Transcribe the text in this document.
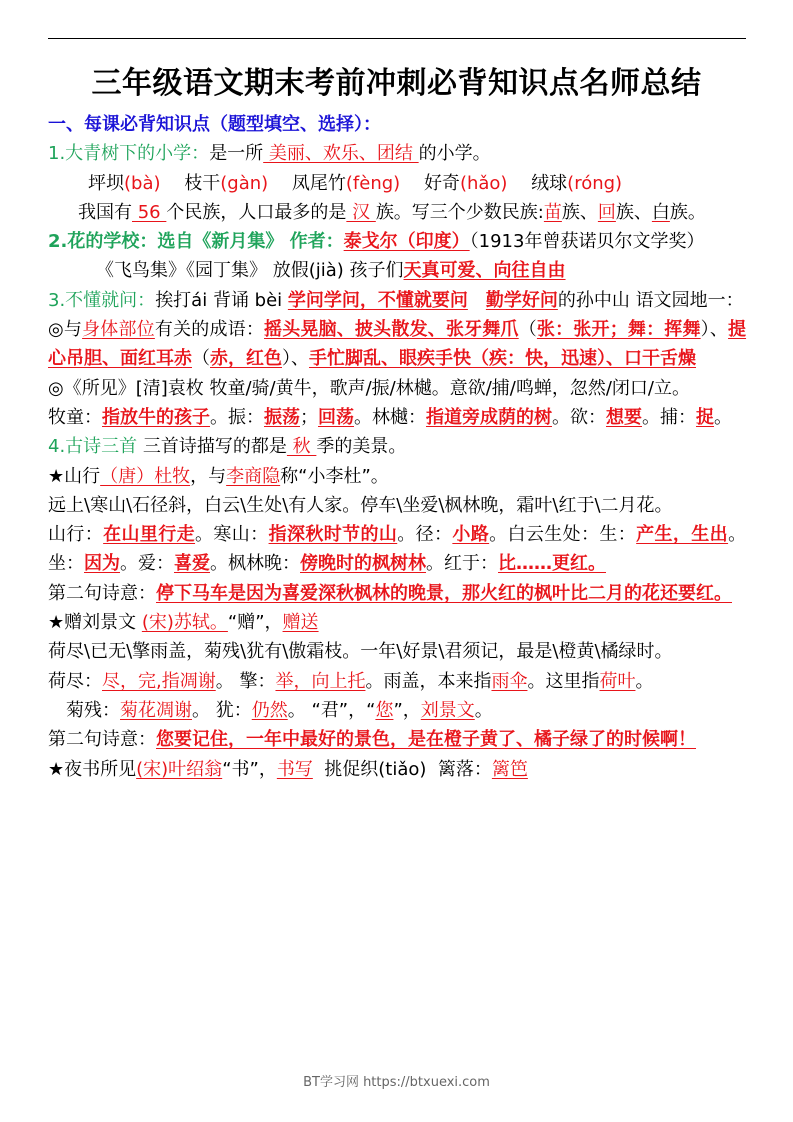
三年级语文期末考前冲刺必背知识点名师总结
一、每课必背知识点（题型填空、选择）：
1.大青树下的小学：是一所 美丽、欢乐、团结 的小学。
坪坝(bà) 枝干(gàn) 凤尾竹(fèng) 好奇(hǎo) 绒球(róng)
我国有 56 个民族，人口最多的是 汉 族。写三个少数民族:苗族、回族、白族。
2.花的学校：选自《新月集》 作者：泰戈尔（印度）（1913年曾获诺贝尔文学奖）
《飞鸟集》《园丁集》 放假(jià) 孩子们天真可爱、向往自由
3.不懂就问：挨打ái 背诵 bèi 学问学问，不懂就要问 勤学好问的孙中山 语文园地一：
◎与身体部位有关的成语：摇头晃脑、披头散发、张牙舞爪（张：张开；舞：挥舞）、提心吊胆、面红耳赤（赤，红色）、手忙脚乱、眼疾手快（疾：快，迅速）、口干舌燥
◎《所见》[清]袁枚 牧童/骑/黄牛，歌声/振/林樾。意欲/捕/鸣蝉，忽然/闭口/立。
牧童：指放牛的孩子。振：振荡；回荡。林樾：指道旁成荫的树。欲：想要。捕：捉。
4.古诗三首 三首诗描写的都是 秋 季的美景。
★山行（唐）杜牧，与李商隐称“小李杜”。
远上\寒山\石径斜，白云\生处\有人家。停车\坐爱\枫林晚，霜叶\红于\二月花。
山行：在山里行走。寒山：指深秋时节的山。径：小路。白云生处：生：产生，生出。坐：因为。爱：喜爱。枫林晚：傍晚时的枫树林。红于：比……更红。
第二句诗意：停下马车是因为喜爱深秋枫林的晚景，那火红的枫叶比二月的花还要红。
★赠刘景文 (宋)苏轼。“赠”，赠送
荷尽\已无\擎雨盖，菊残\犹有\傲霜枝。一年\好景\君须记，最是\橙黄\橘绿时。
荷尽：尽，完,指凋谢。 擎：举，向上托。雨盖，本来指雨伞。这里指荷叶。
菊残：菊花凋谢。 犹：仍然。 “君”，“您”，刘景文。
第二句诗意：您要记住，一年中最好的景色，是在橙子黄了、橘子绿了的时候啊！
★夜书所见(宋)叶绍翁“书”，书写  挑促织(tiǎo)  篱落：篱笆
BT学习网 https://btxuexi.com
